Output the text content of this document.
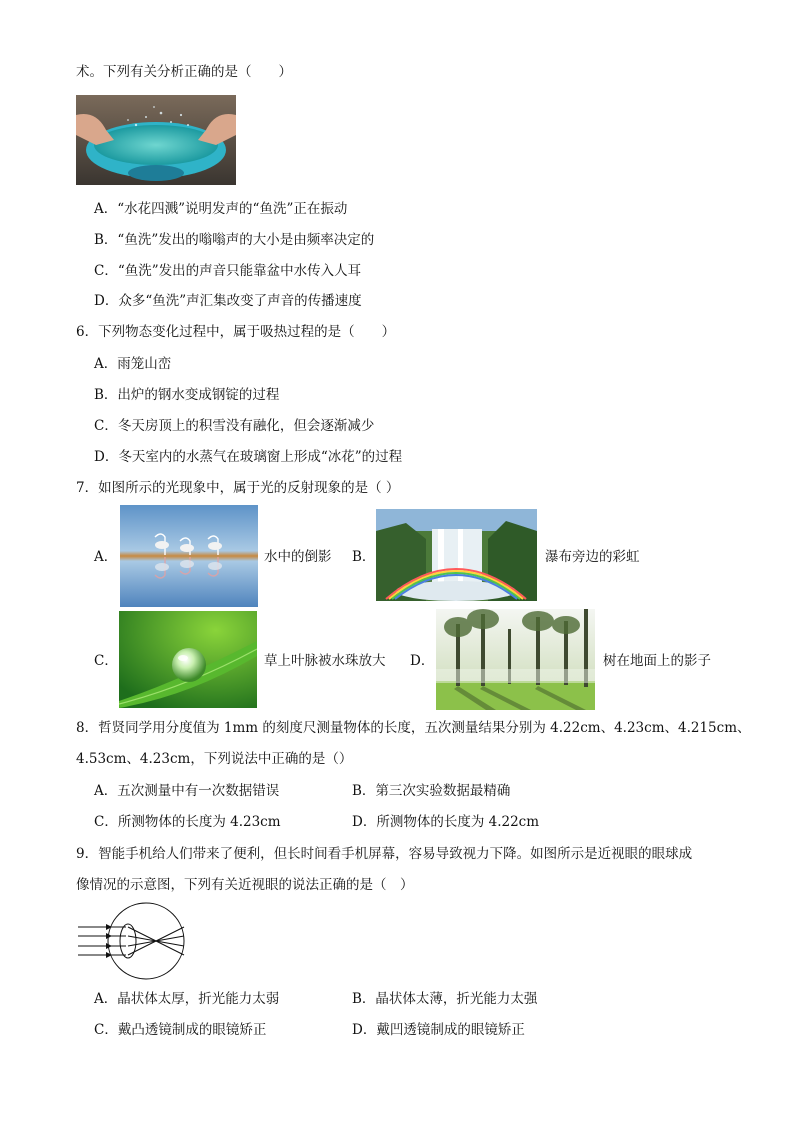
术。下列有关分析正确的是（　　）
A．“水花四溅”说明发声的“鱼洗”正在振动
B．“鱼洗”发出的嗡嗡声的大小是由频率决定的
C．“鱼洗”发出的声音只能靠盆中水传入人耳
D．众多“鱼洗”声汇集改变了声音的传播速度
6．下列物态变化过程中，属于吸热过程的是（　　）
A．雨笼山峦
B．出炉的钢水变成钢锭的过程
C．冬天房顶上的积雪没有融化，但会逐渐减少
D．冬天室内的水蒸气在玻璃窗上形成“冰花”的过程
7．如图所示的光现象中，属于光的反射现象的是（ ）
A．	水中的倒影 B．	瀑布旁边的彩虹
C．	草上叶脉被水珠放大 D．	树在地面上的影子
8．哲贤同学用分度值为 1mm 的刻度尺测量物体的长度，五次测量结果分别为 4.22cm、4.23cm、4.215cm、
4.53cm、4.23cm，下列说法中正确的是（）
A．五次测量中有一次数据错误	B．第三次实验数据最精确
C．所测物体的长度为 4.23cm	D．所测物体的长度为 4.22cm
9．智能手机给人们带来了便利，但长时间看手机屏幕，容易导致视力下降。如图所示是近视眼的眼球成
像情况的示意图，下列有关近视眼的说法正确的是（　）
A．晶状体太厚，折光能力太弱	B．晶状体太薄，折光能力太强
C．戴凸透镜制成的眼镜矫正	D．戴凹透镜制成的眼镜矫正
